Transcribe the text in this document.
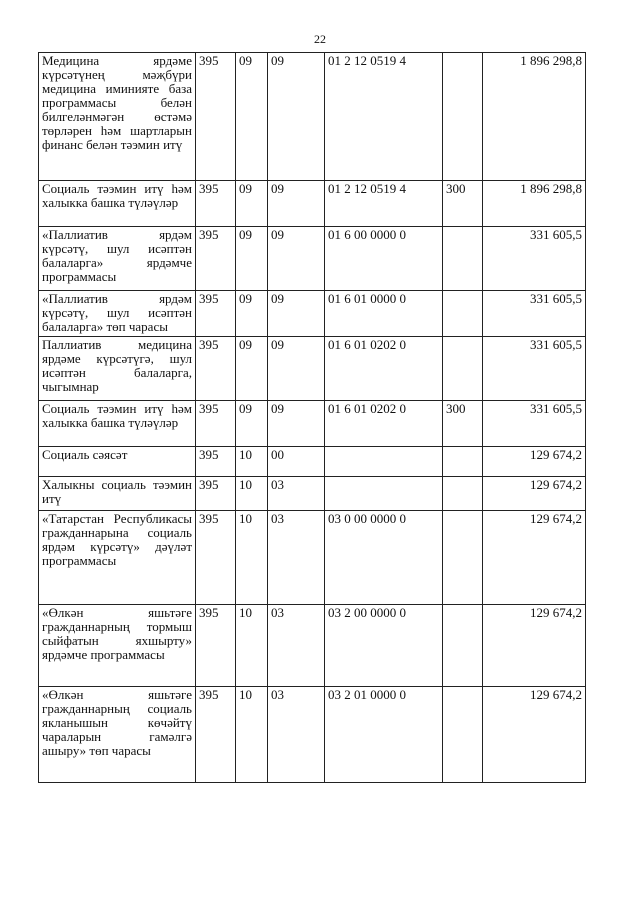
22
Медицина ярдәме күрсәтүнең мәҗбүри медицина иминияте база программасы белән билгеләнмәгән өстәмә төрләрен һәм шартларын финанс белән тәэмин итү	395	09	09	01 2 12 0519 4		1 896 298,8
Социаль тәэмин итү һәм халыкка башка түләүләр	395	09	09	01 2 12 0519 4	300	1 896 298,8
«Паллиатив ярдәм күрсәтү, шул исәптән балаларга» ярдәмче программасы	395	09	09	01 6 00 0000 0		331 605,5
«Паллиатив ярдәм күрсәтү, шул исәптән балаларга» төп чарасы	395	09	09	01 6 01 0000 0		331 605,5
Паллиатив медицина ярдәме күрсәтүгә, шул исәптән балаларга, чыгымнар	395	09	09	01 6 01 0202 0		331 605,5
Социаль тәэмин итү һәм халыкка башка түләүләр	395	09	09	01 6 01 0202 0	300	331 605,5
Социаль сәясәт	395	10	00			129 674,2
Халыкны социаль тәэмин итү	395	10	03			129 674,2
«Татарстан Республикасы гражданнарына социаль ярдәм күрсәтү» дәүләт программасы	395	10	03	03 0 00 0000 0		129 674,2
«Өлкән яшьтәге гражданнарның тормыш сыйфатын яхшырту» ярдәмче программасы	395	10	03	03 2 00 0000 0		129 674,2
«Өлкән яшьтәге гражданнарның социаль якланышын көчәйтү чараларын гамәлгә ашыру» төп чарасы	395	10	03	03 2 01 0000 0		129 674,2
